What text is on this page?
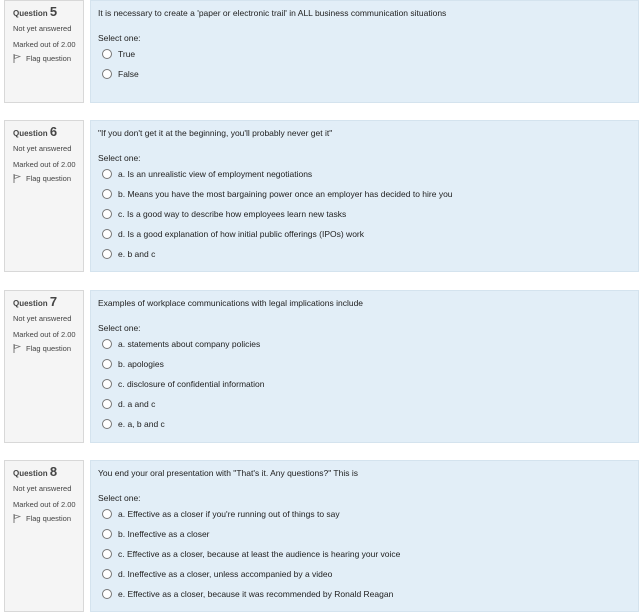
Question 5
Not yet answered
Marked out of 2.00
Flag question
It is necessary to create a 'paper or electronic trail' in ALL business communication situations
Select one:
True
False
Question 6
Not yet answered
Marked out of 2.00
Flag question
"If you don't get it at the beginning, you'll probably never get it"
Select one:
a. Is an unrealistic view of employment negotiations
b. Means you have the most bargaining power once an employer has decided to hire you
c. Is a good way to describe how employees learn new tasks
d. Is a good explanation of how initial public offerings (IPOs) work
e. b and c
Question 7
Not yet answered
Marked out of 2.00
Flag question
Examples of workplace communications with legal implications include
Select one:
a. statements about company policies
b. apologies
c. disclosure of confidential information
d. a and c
e. a, b and c
Question 8
Not yet answered
Marked out of 2.00
Flag question
You end your oral presentation with "That's it. Any questions?" This is
Select one:
a. Effective as a closer if you're running out of things to say
b. Ineffective as a closer
c. Effective as a closer, because at least the audience is hearing your voice
d. Ineffective as a closer, unless accompanied by a video
e. Effective as a closer, because it was recommended by Ronald Reagan
